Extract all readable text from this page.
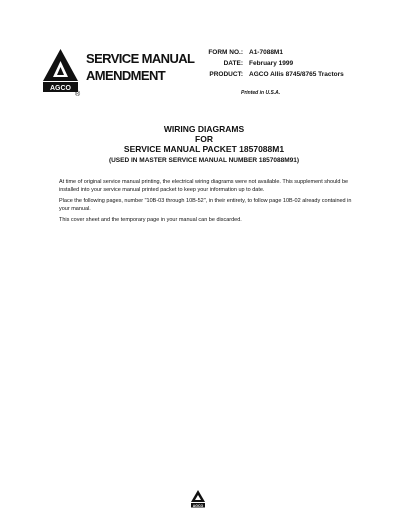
AGCO
SERVICE MANUAL
AMENDMENT
®
FORM NO.: A1-7088M1
DATE: February 1999
PRODUCT: AGCO Allis 8745/8765 Tractors
Printed in U.S.A.
WIRING DIAGRAMS
FOR
SERVICE MANUAL PACKET 1857088M1
(USED IN MASTER SERVICE MANUAL NUMBER 1857088M91)

At time of original service manual printing, the electrical wiring diagrams were not available. This supplement should be installed into your service manual printed packet to keep your information up to date.

Place the following pages, number "10B-03 through 10B-52", in their entirety, to follow page 10B-02 already contained in your manual.

This cover sheet and the temporary page in your manual can be discarded.

AGCO
